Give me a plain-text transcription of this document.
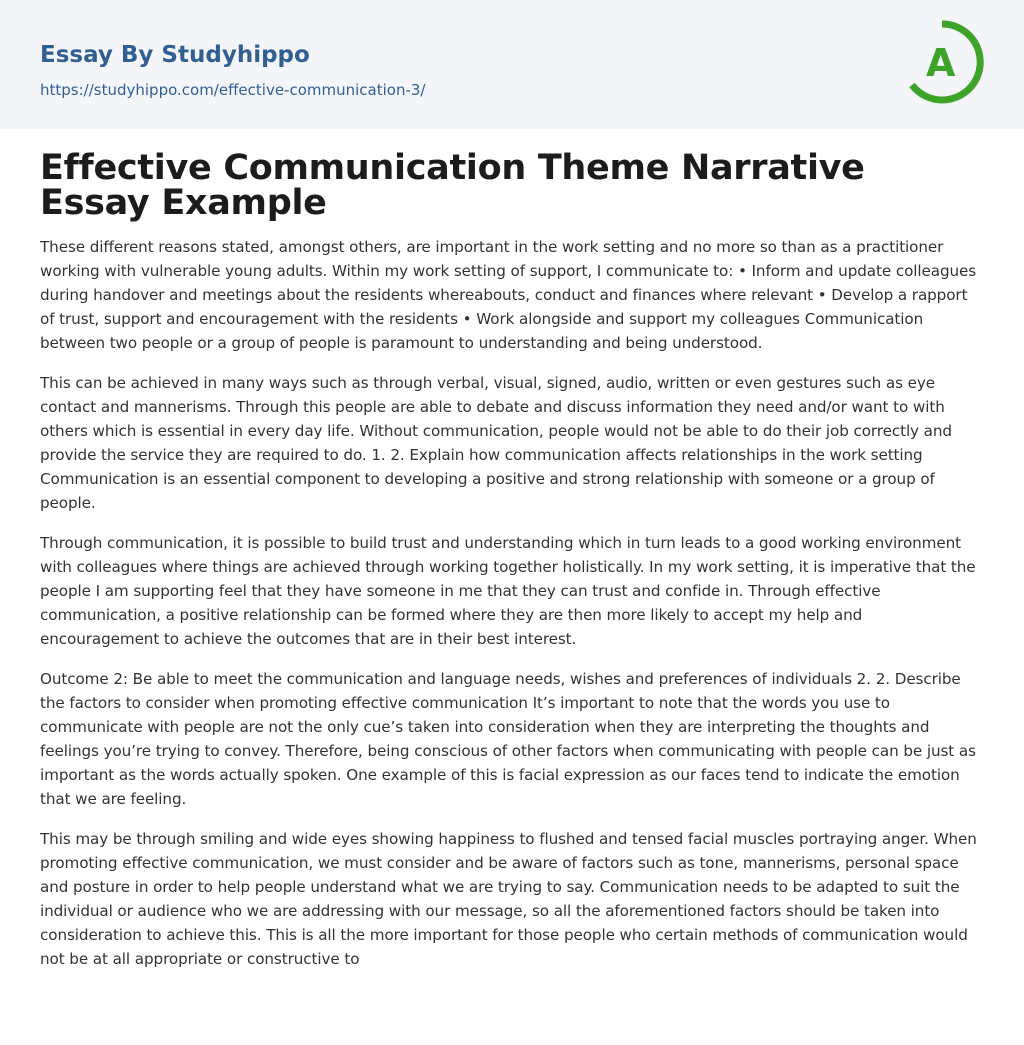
Essay By Studyhippo
https://studyhippo.com/effective-communication-3/
A
Effective Communication Theme Narrative Essay Example

These different reasons stated, amongst others, are important in the work setting and no more so than as a practitioner working with vulnerable young adults. Within my work setting of support, I communicate to: • Inform and update colleagues during handover and meetings about the residents whereabouts, conduct and finances where relevant • Develop a rapport of trust, support and encouragement with the residents • Work alongside and support my colleagues Communication between two people or a group of people is paramount to understanding and being understood.

This can be achieved in many ways such as through verbal, visual, signed, audio, written or even gestures such as eye contact and mannerisms. Through this people are able to debate and discuss information they need and/or want to with others which is essential in every day life. Without communication, people would not be able to do their job correctly and provide the service they are required to do. 1. 2. Explain how communication affects relationships in the work setting Communication is an essential component to developing a positive and strong relationship with someone or a group of people.

Through communication, it is possible to build trust and understanding which in turn leads to a good working environment with colleagues where things are achieved through working together holistically. In my work setting, it is imperative that the people I am supporting feel that they have someone in me that they can trust and confide in. Through effective communication, a positive relationship can be formed where they are then more likely to accept my help and encouragement to achieve the outcomes that are in their best interest.

Outcome 2: Be able to meet the communication and language needs, wishes and preferences of individuals 2. 2. Describe the factors to consider when promoting effective communication It’s important to note that the words you use to communicate with people are not the only cue’s taken into consideration when they are interpreting the thoughts and feelings you’re trying to convey. Therefore, being conscious of other factors when communicating with people can be just as important as the words actually spoken. One example of this is facial expression as our faces tend to indicate the emotion that we are feeling.

This may be through smiling and wide eyes showing happiness to flushed and tensed facial muscles portraying anger. When promoting effective communication, we must consider and be aware of factors such as tone, mannerisms, personal space and posture in order to help people understand what we are trying to say. Communication needs to be adapted to suit the individual or audience who we are addressing with our message, so all the aforementioned factors should be taken into consideration to achieve this. This is all the more important for those people who certain methods of communication would not be at all appropriate or constructive to
